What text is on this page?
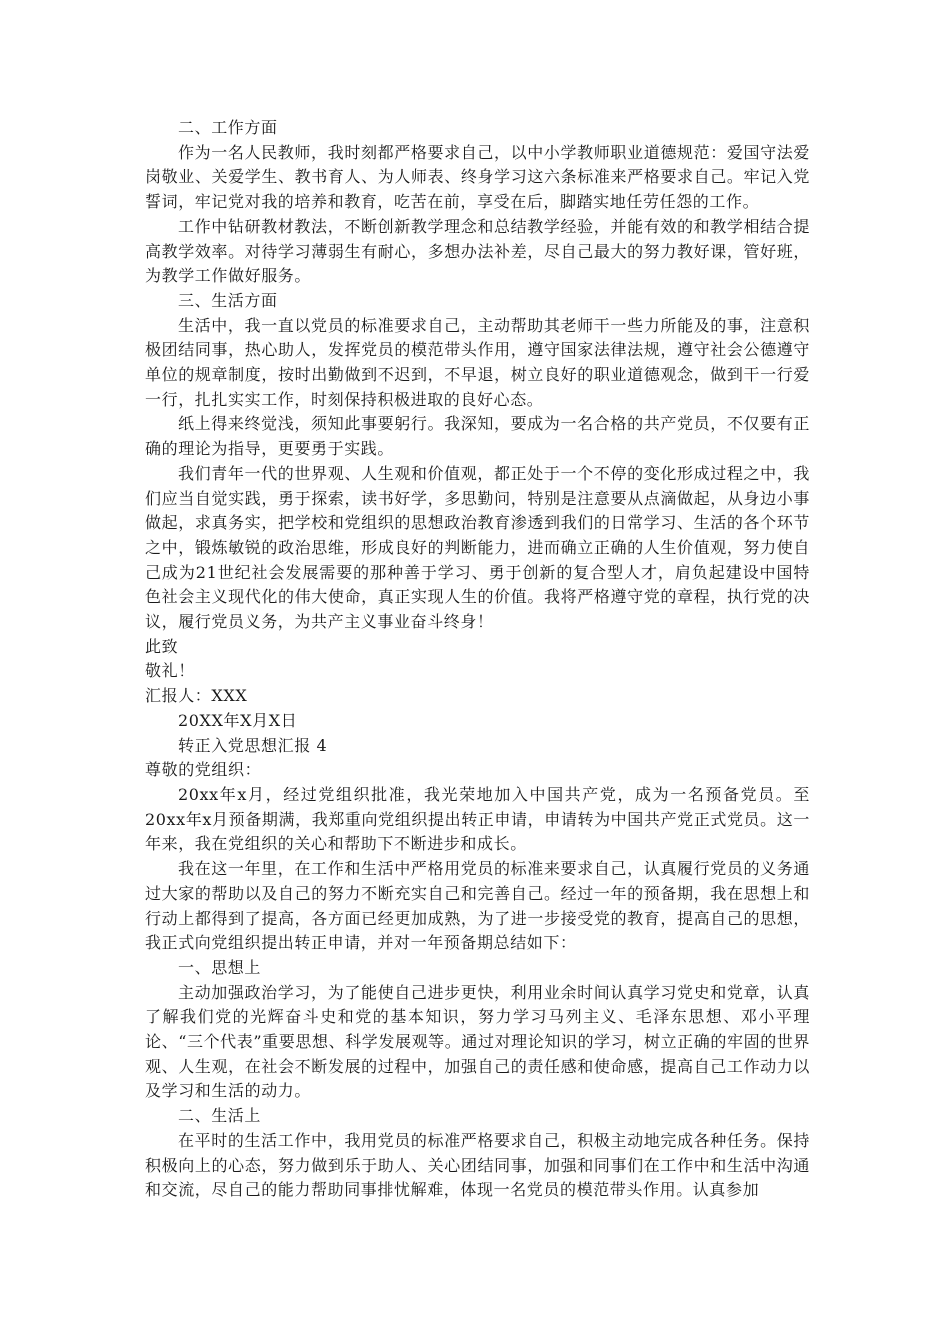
二、工作方面

作为一名人民教师，我时刻都严格要求自己，以中小学教师职业道德规范：爱国守法爱岗敬业、关爱学生、教书育人、为人师表、终身学习这六条标准来严格要求自己。牢记入党誓词，牢记党对我的培养和教育，吃苦在前，享受在后，脚踏实地任劳任怨的工作。

工作中钻研教材教法，不断创新教学理念和总结教学经验，并能有效的和教学相结合提高教学效率。对待学习薄弱生有耐心，多想办法补差，尽自己最大的努力教好课，管好班，为教学工作做好服务。

三、生活方面

生活中，我一直以党员的标准要求自己，主动帮助其老师干一些力所能及的事，注意积极团结同事，热心助人，发挥党员的模范带头作用，遵守国家法律法规，遵守社会公德遵守单位的规章制度，按时出勤做到不迟到，不早退，树立良好的职业道德观念，做到干一行爱一行，扎扎实实工作，时刻保持积极进取的良好心态。

纸上得来终觉浅，须知此事要躬行。我深知，要成为一名合格的共产党员，不仅要有正确的理论为指导，更要勇于实践。

我们青年一代的世界观、人生观和价值观，都正处于一个不停的变化形成过程之中，我们应当自觉实践，勇于探索，读书好学，多思勤问，特别是注意要从点滴做起，从身边小事做起，求真务实，把学校和党组织的思想政治教育渗透到我们的日常学习、生活的各个环节之中，锻炼敏锐的政治思维，形成良好的判断能力，进而确立正确的人生价值观，努力使自己成为21世纪社会发展需要的那种善于学习、勇于创新的复合型人才，肩负起建设中国特色社会主义现代化的伟大使命，真正实现人生的价值。我将严格遵守党的章程，执行党的决议，履行党员义务，为共产主义事业奋斗终身！

此致

敬礼！

汇报人：XXX

20XX年X月X日

转正入党思想汇报 4

尊敬的党组织：

20xx年x月，经过党组织批准，我光荣地加入中国共产党，成为一名预备党员。至20xx年x月预备期满，我郑重向党组织提出转正申请，申请转为中国共产党正式党员。这一年来，我在党组织的关心和帮助下不断进步和成长。

我在这一年里，在工作和生活中严格用党员的标准来要求自己，认真履行党员的义务通过大家的帮助以及自己的努力不断充实自己和完善自己。经过一年的预备期，我在思想上和行动上都得到了提高，各方面已经更加成熟，为了进一步接受党的教育，提高自己的思想，我正式向党组织提出转正申请，并对一年预备期总结如下：

一、思想上

主动加强政治学习，为了能使自己进步更快，利用业余时间认真学习党史和党章，认真了解我们党的光辉奋斗史和党的基本知识，努力学习马列主义、毛泽东思想、邓小平理论、“三个代表”重要思想、科学发展观等。通过对理论知识的学习，树立正确的牢固的世界观、人生观，在社会不断发展的过程中，加强自己的责任感和使命感，提高自己工作动力以及学习和生活的动力。

二、生活上

在平时的生活工作中，我用党员的标准严格要求自己，积极主动地完成各种任务。保持积极向上的心态，努力做到乐于助人、关心团结同事，加强和同事们在工作中和生活中沟通和交流，尽自己的能力帮助同事排忧解难，体现一名党员的模范带头作用。认真参加
